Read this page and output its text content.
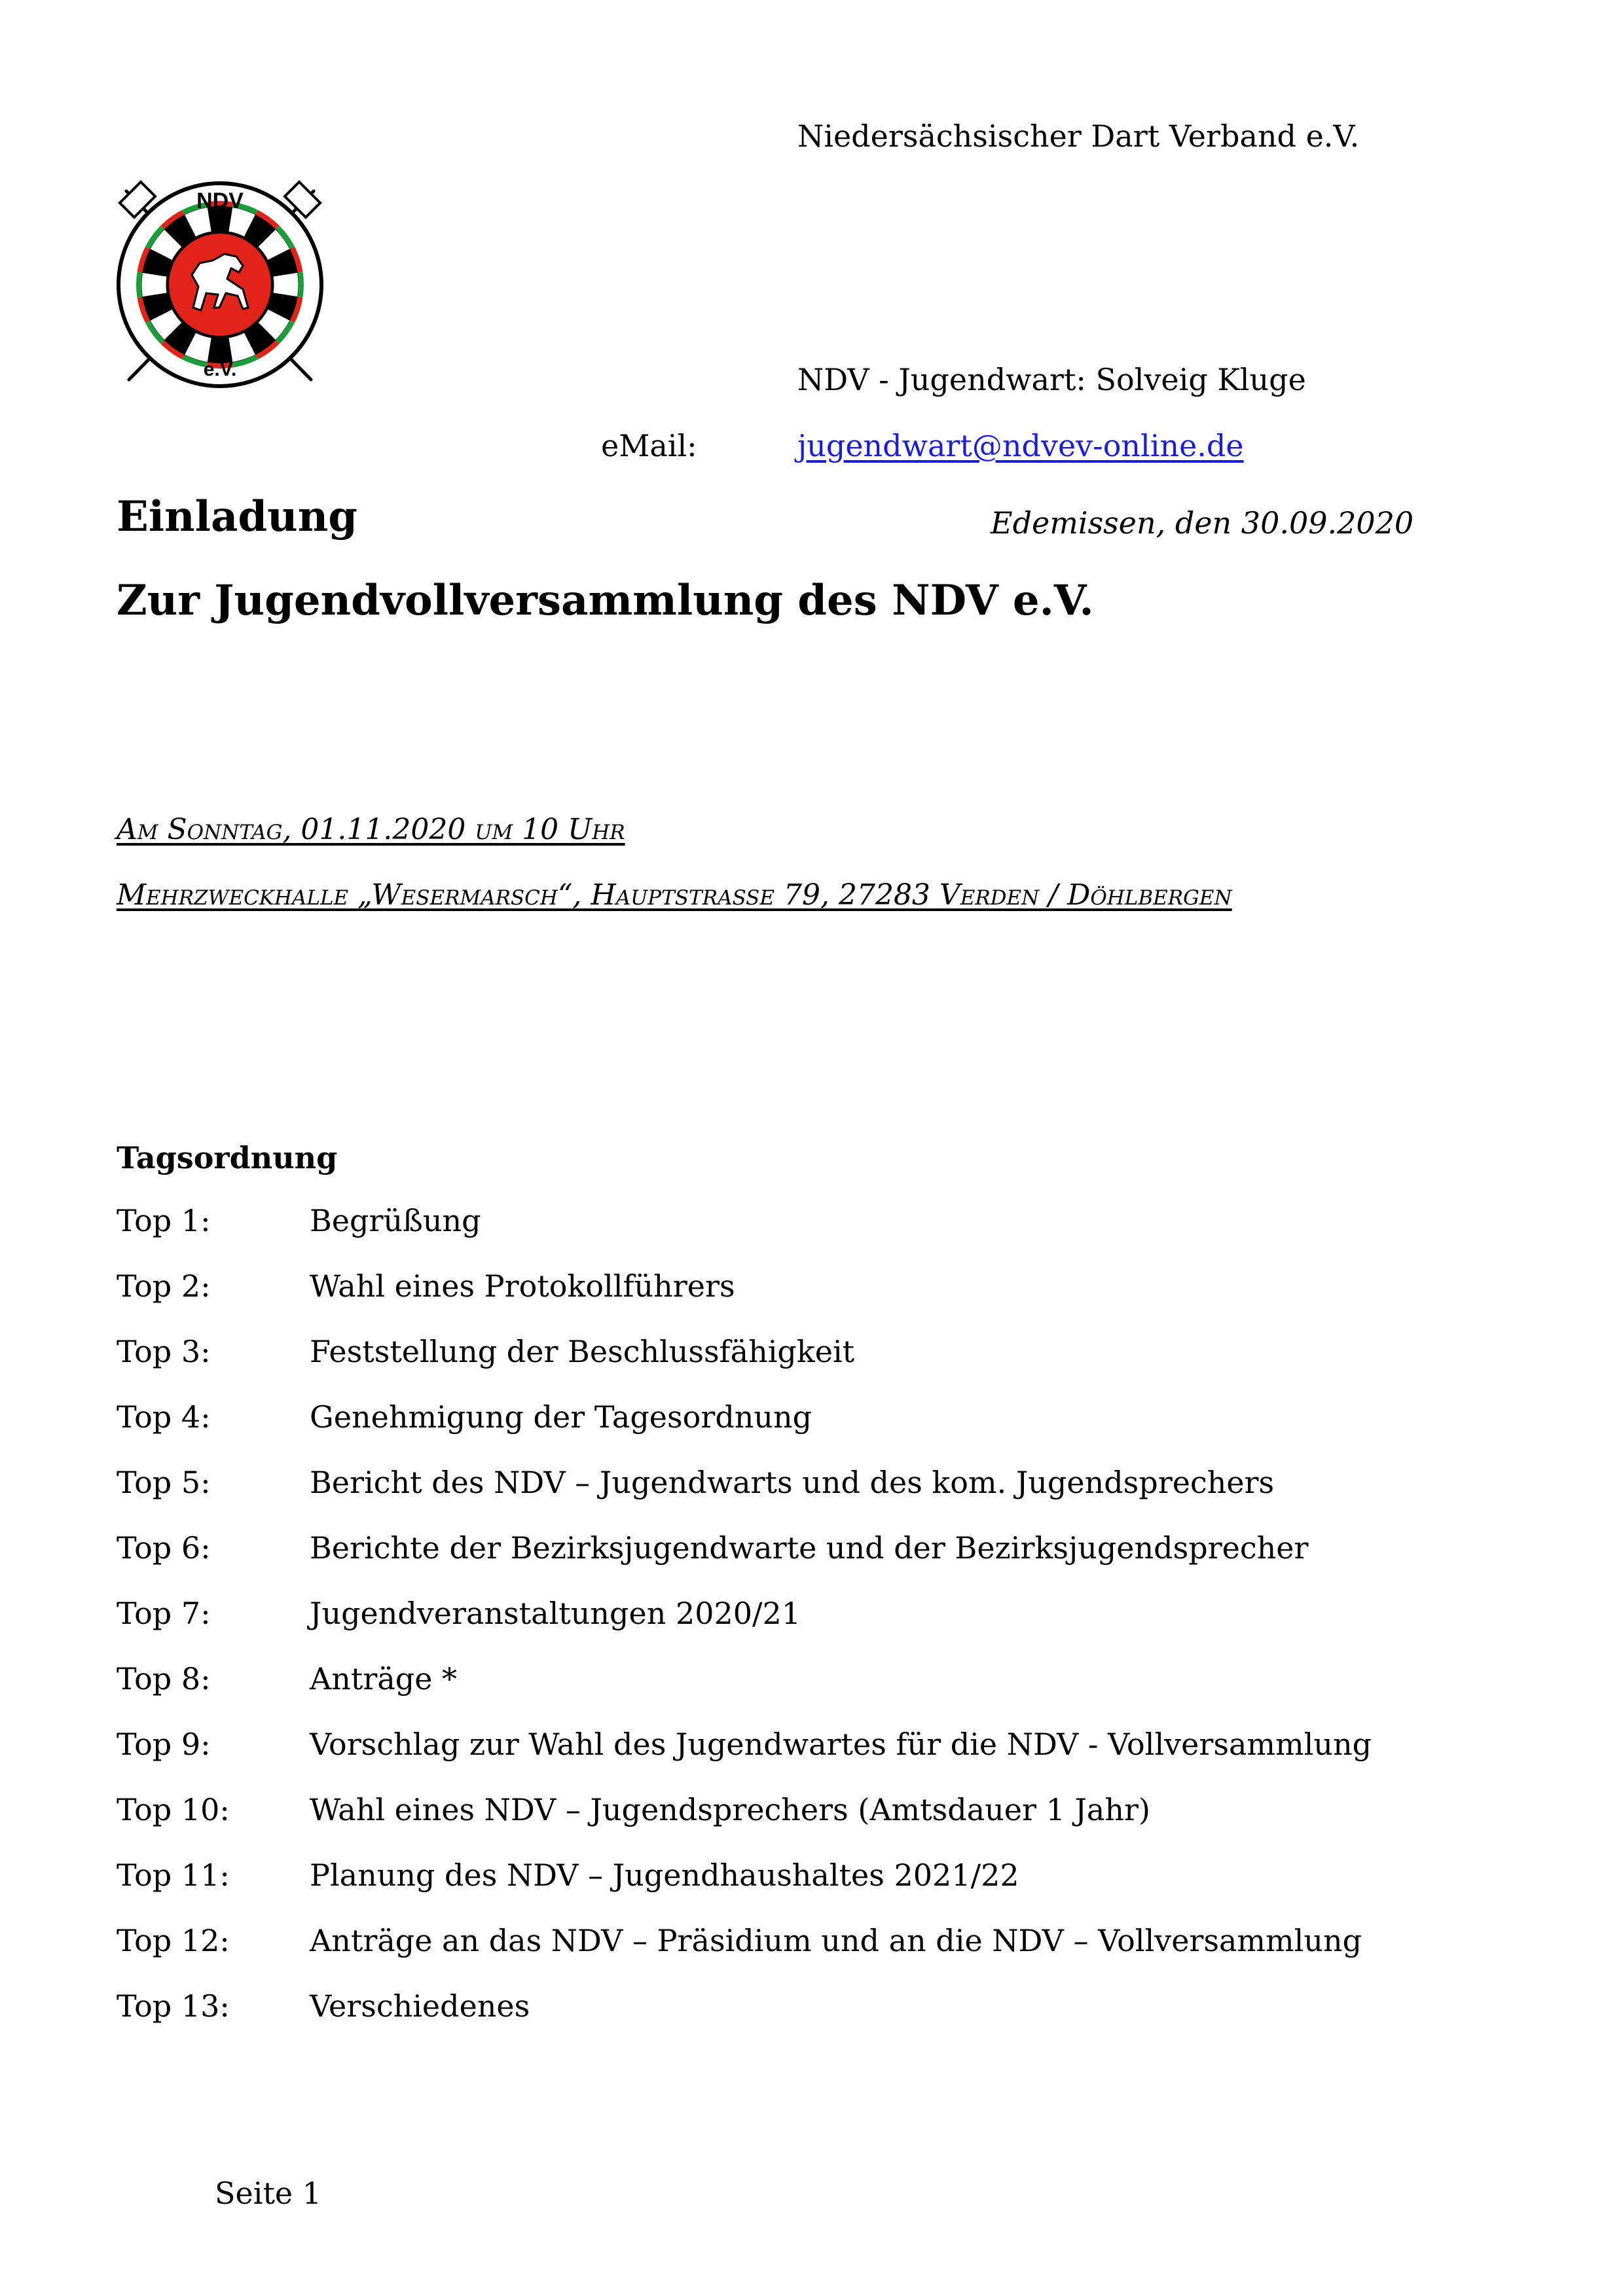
Niedersächsischer Dart Verband e.V.
NDV
e.V.	NDV - Jugendwart: Solveig Kluge
eMail:	jugendwart@ndvev-online.de
Einladung	Edemissen, den 30.09.2020
Zur Jugendvollversammlung des NDV e.V.
Am Sonntag, 01.11.2020 um 10 Uhr
Mehrzweckhalle „Wesermarsch“, Hauptstrasse 79, 27283 Verden / Döhlbergen
Tagsordnung
Top 1:	Begrüßung
Top 2:	Wahl eines Protokollführers
Top 3:	Feststellung der Beschlussfähigkeit
Top 4:	Genehmigung der Tagesordnung
Top 5:	Bericht des NDV – Jugendwarts und des kom. Jugendsprechers
Top 6:	Berichte der Bezirksjugendwarte und der Bezirksjugendsprecher
Top 7:	Jugendveranstaltungen 2020/21
Top 8:	Anträge *
Top 9:	Vorschlag zur Wahl des Jugendwartes für die NDV - Vollversammlung
Top 10:	Wahl eines NDV – Jugendsprechers (Amtsdauer 1 Jahr)
Top 11:	Planung des NDV – Jugendhaushaltes 2021/22
Top 12:	Anträge an das NDV – Präsidium und an die NDV – Vollversammlung
Top 13:	Verschiedenes
Seite 1
